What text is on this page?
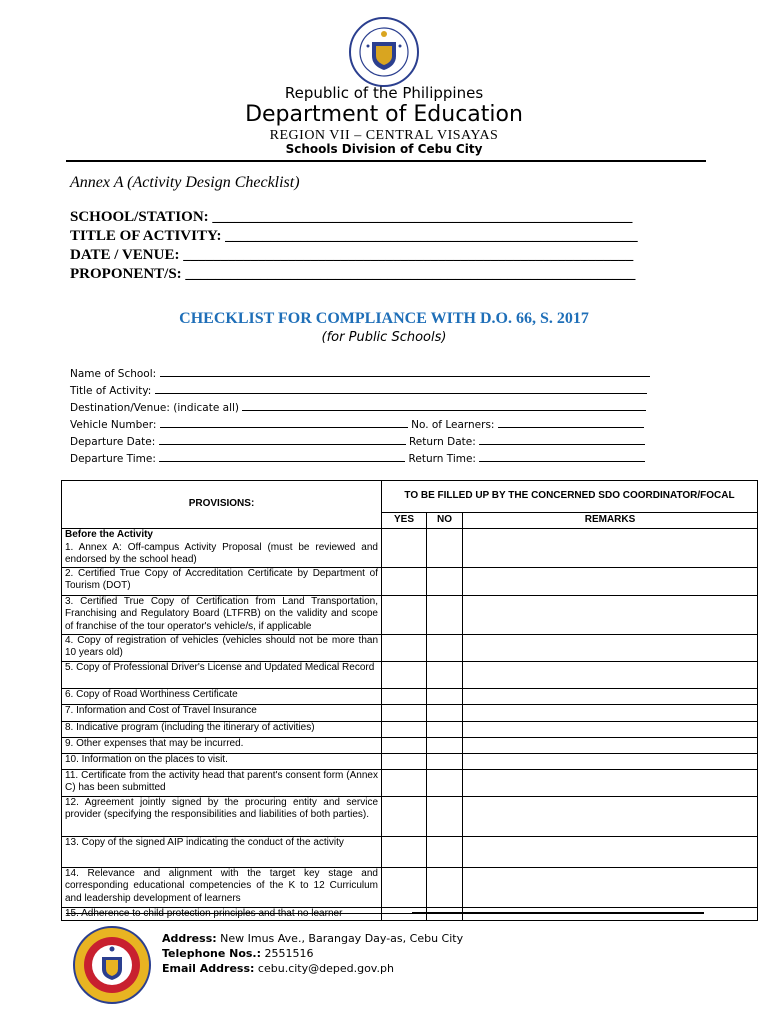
Republic of the Philippines
Department of Education
REGION VII – CENTRAL VISAYAS
Schools Division of Cebu City
Annex A (Activity Design Checklist)
SCHOOL/STATION: ________________________________________________________
TITLE OF ACTIVITY: _______________________________________________________
DATE / VENUE: ____________________________________________________________
PROPONENT/S: ____________________________________________________________
CHECKLIST FOR COMPLIANCE WITH D.O. 66, S. 2017
(for Public Schools)
Name of School:
Title of Activity:
Destination/Venue: (indicate all)
Vehicle Number:	No. of Learners:
Departure Date:	Return Date:
Departure Time:	Return Time:
PROVISIONS:	TO BE FILLED UP BY THE CONCERNED SDO COORDINATOR/FOCAL		
	YES	NO	REMARKS
Before the Activity
1. Annex A: Off-campus Activity Proposal (must be reviewed and endorsed by the school head)			
2. Certified True Copy of Accreditation Certificate by Department of Tourism (DOT)			
3. Certified True Copy of Certification from Land Transportation, Franchising and Regulatory Board (LTFRB) on the validity and scope of franchise of the tour operator's vehicle/s, if applicable			
4. Copy of registration of vehicles (vehicles should not be more than 10 years old)			
5. Copy of Professional Driver's License and Updated Medical Record			
6. Copy of Road Worthiness Certificate			
7. Information and Cost of Travel Insurance			
8. Indicative program (including the itinerary of activities)			
9. Other expenses that may be incurred.			
10. Information on the places to visit.			
11. Certificate from the activity head that parent's consent form (Annex C) has been submitted			
12. Agreement jointly signed by the procuring entity and service provider (specifying the responsibilities and liabilities of both parties).			
13. Copy of the signed AIP indicating the conduct of the activity			
14. Relevance and alignment with the target key stage and corresponding educational competencies of the K to 12 Curriculum and leadership development of learners			
15. Adherence to child protection principles and that no learner			
Address: New Imus Ave., Barangay Day-as, Cebu City
Telephone Nos.: 2551516
Email Address: cebu.city@deped.gov.ph
